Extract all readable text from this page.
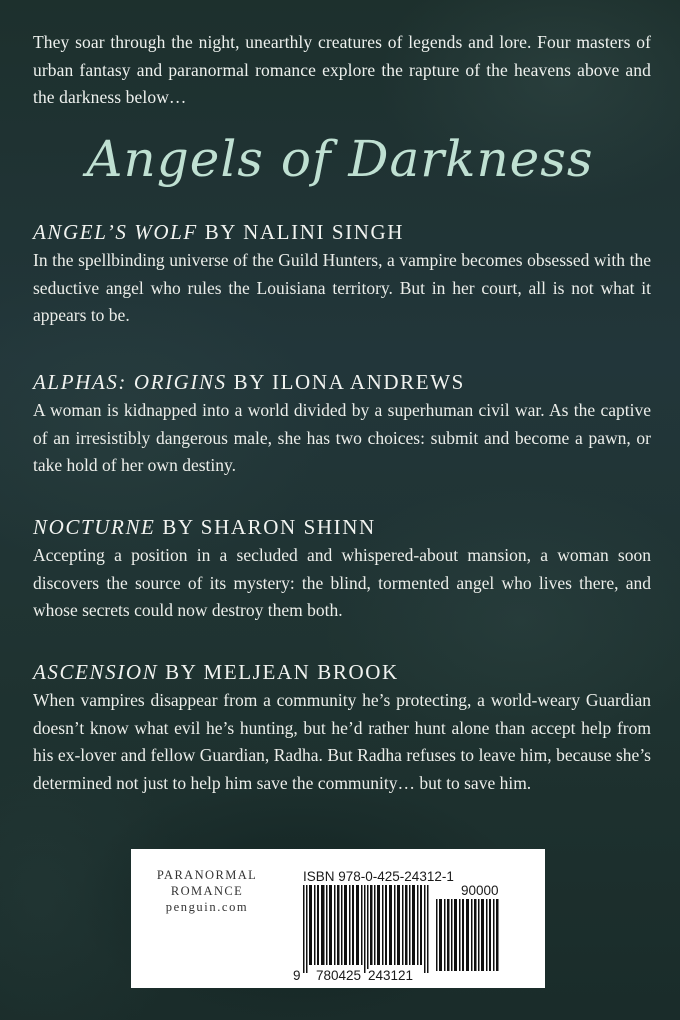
They soar through the night, unearthly creatures of legends and lore. Four masters of urban fantasy and paranormal romance explore the rapture of the heavens above and the darkness below…
Angels of Darkness
ANGEL’S WOLF BY NALINI SINGH
In the spellbinding universe of the Guild Hunters, a vampire becomes obsessed with the seductive angel who rules the Louisiana territory. But in her court, all is not what it appears to be.
ALPHAS: ORIGINS BY ILONA ANDREWS
A woman is kidnapped into a world divided by a superhuman civil war. As the captive of an irresistibly dangerous male, she has two choices: submit and become a pawn, or take hold of her own destiny.
NOCTURNE BY SHARON SHINN
Accepting a position in a secluded and whispered-about mansion, a woman soon discovers the source of its mystery: the blind, tormented angel who lives there, and whose secrets could now destroy them both.
ASCENSION BY MELJEAN BROOK
When vampires disappear from a community he’s protecting, a world-weary Guardian doesn’t know what evil he’s hunting, but he’d rather hunt alone than accept help from his ex-lover and fellow Guardian, Radha. But Radha refuses to leave him, because she’s determined not just to help him save the community… but to save him.
PARANORMAL
ROMANCE
penguin.com
ISBN 978-0-425-24312-1
90000
9 780425 243121
